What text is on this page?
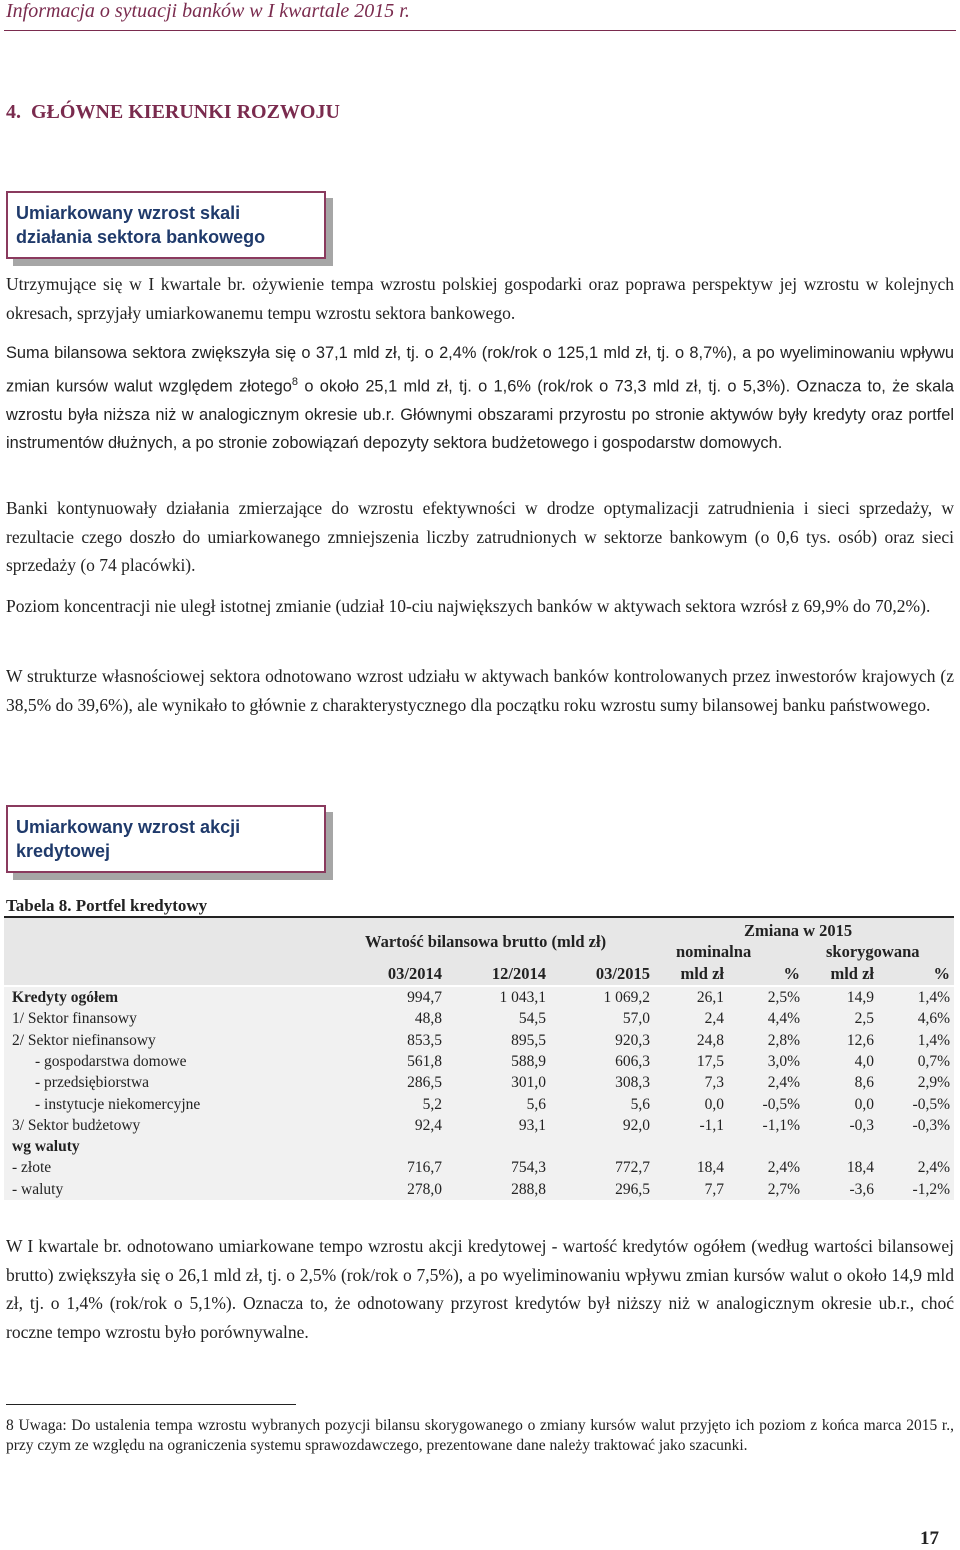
Informacja o sytuacji banków w I kwartale 2015 r.
4.  GŁÓWNE KIERUNKI ROZWOJU
Umiarkowany wzrost skali
działania sektora bankowego

Utrzymujące się w I kwartale br. ożywienie tempa wzrostu polskiej gospodarki oraz poprawa perspektyw jej wzrostu w kolejnych okresach, sprzyjały umiarkowanemu tempu wzrostu sektora bankowego.

Suma bilansowa sektora zwiększyła się o 37,1 mld zł, tj. o 2,4% (rok/rok o 125,1 mld zł, tj. o 8,7%), a po wyeliminowaniu wpływu zmian kursów walut względem złotego$^8$ o około 25,1 mld zł, tj. o 1,6% (rok/rok o 73,3 mld zł, tj. o 5,3%). Oznacza to, że skala wzrostu była niższa niż w analogicznym okresie ub.r. Głównymi obszarami przyrostu po stronie aktywów były kredyty oraz portfel instrumentów dłużnych, a po stronie zobowiązań depozyty sektora budżetowego i gospodarstw domowych.

Banki kontynuowały działania zmierzające do wzrostu efektywności w drodze optymalizacji zatrudnienia i sieci sprzedaży, w rezultacie czego doszło do umiarkowanego zmniejszenia liczby zatrudnionych w sektorze bankowym (o 0,6 tys. osób) oraz sieci sprzedaży (o 74 placówki).

Poziom koncentracji nie uległ istotnej zmianie (udział 10-ciu największych banków w aktywach sektora wzrósł z 69,9% do 70,2%).

W strukturze własnościowej sektora odnotowano wzrost udziału w aktywach banków kontrolowanych przez inwestorów krajowych (z 38,5% do 39,6%), ale wynikało to głównie z charakterystycznego dla początku roku wzrostu sumy bilansowej banku państwowego.

Umiarkowany wzrost akcji
kredytowej
Tabela 8. Portfel kredytowy
Wartość bilansowa brutto (mld zł)
Zmiana w 2015
nominalna	skorygowana
03/2014	12/2014	03/2015	mld zł	%	mld zł	%
Kredyty ogółem	994,7	1 043,1	1 069,2	26,1	2,5%	14,9	1,4%
1/ Sektor finansowy	48,8	54,5	57,0	2,4	4,4%	2,5	4,6%
2/ Sektor niefinansowy	853,5	895,5	920,3	24,8	2,8%	12,6	1,4%
- gospodarstwa domowe	561,8	588,9	606,3	17,5	3,0%	4,0	0,7%
- przedsiębiorstwa	286,5	301,0	308,3	7,3	2,4%	8,6	2,9%
- instytucje niekomercyjne	5,2	5,6	5,6	0,0	-0,5%	0,0	-0,5%
3/ Sektor budżetowy	92,4	93,1	92,0	-1,1	-1,1%	-0,3	-0,3%
wg waluty
- złote	716,7	754,3	772,7	18,4	2,4%	18,4	2,4%
- waluty	278,0	288,8	296,5	7,7	2,7%	-3,6	-1,2%

W I kwartale br. odnotowano umiarkowane tempo wzrostu akcji kredytowej - wartość kredytów ogółem (według wartości bilansowej brutto) zwiększyła się o 26,1 mld zł, tj. o 2,5% (rok/rok o 7,5%), a po wyeliminowaniu wpływu zmian kursów walut o około 14,9 mld zł, tj. o 1,4% (rok/rok o 5,1%). Oznacza to, że odnotowany przyrost kredytów był niższy niż w analogicznym okresie ub.r., choć roczne tempo wzrostu było porównywalne.

8 Uwaga: Do ustalenia tempa wzrostu wybranych pozycji bilansu skorygowanego o zmiany kursów walut przyjęto ich poziom z końca marca 2015 r., przy czym ze względu na ograniczenia systemu sprawozdawczego, prezentowane dane należy traktować jako szacunki.

17
